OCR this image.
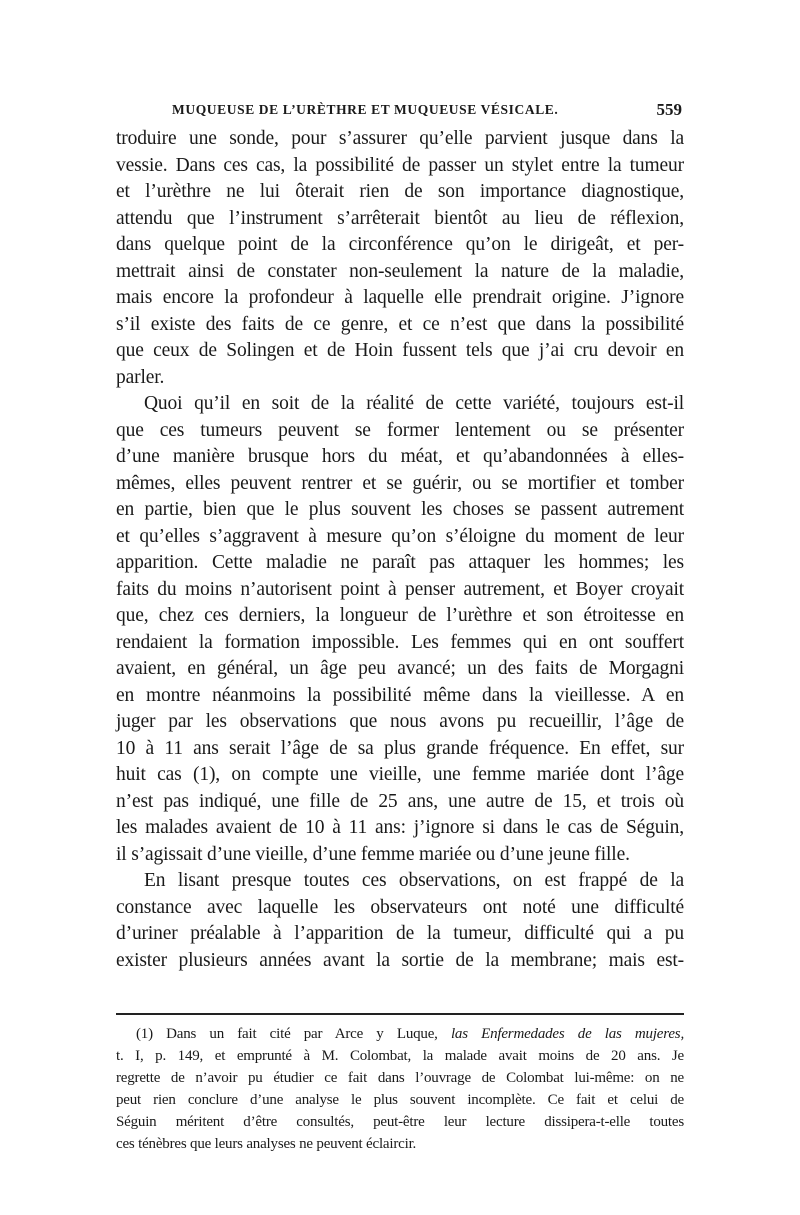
MUQUEUSE DE L’URÈTHRE ET MUQUEUSE VÉSICALE.	559
troduire une sonde, pour s’assurer qu’elle parvient jusque dans la
vessie. Dans ces cas, la possibilité de passer un stylet entre la tumeur
et l’urèthre ne lui ôterait rien de son importance diagnostique,
attendu que l’instrument s’arrêterait bientôt au lieu de réflexion,
dans quelque point de la circonférence qu’on le dirigeât, et per-
mettrait ainsi de constater non-seulement la nature de la maladie,
mais encore la profondeur à laquelle elle prendrait origine. J’ignore
s’il existe des faits de ce genre, et ce n’est que dans la possibilité
que ceux de Solingen et de Hoin fussent tels que j’ai cru devoir en
parler.
Quoi qu’il en soit de la réalité de cette variété, toujours est-il
que ces tumeurs peuvent se former lentement ou se présenter
d’une manière brusque hors du méat, et qu’abandonnées à elles-
mêmes, elles peuvent rentrer et se guérir, ou se mortifier et tomber
en partie, bien que le plus souvent les choses se passent autrement
et qu’elles s’aggravent à mesure qu’on s’éloigne du moment de leur
apparition. Cette maladie ne paraît pas attaquer les hommes; les
faits du moins n’autorisent point à penser autrement, et Boyer croyait
que, chez ces derniers, la longueur de l’urèthre et son étroitesse en
rendaient la formation impossible. Les femmes qui en ont souffert
avaient, en général, un âge peu avancé; un des faits de Morgagni
en montre néanmoins la possibilité même dans la vieillesse. A en
juger par les observations que nous avons pu recueillir, l’âge de
10 à 11 ans serait l’âge de sa plus grande fréquence. En effet, sur
huit cas (1), on compte une vieille, une femme mariée dont l’âge
n’est pas indiqué, une fille de 25 ans, une autre de 15, et trois où
les malades avaient de 10 à 11 ans: j’ignore si dans le cas de Séguin,
il s’agissait d’une vieille, d’une femme mariée ou d’une jeune fille.
En lisant presque toutes ces observations, on est frappé de la
constance avec laquelle les observateurs ont noté une difficulté
d’uriner préalable à l’apparition de la tumeur, difficulté qui a pu
exister plusieurs années avant la sortie de la membrane; mais est-
(1) Dans un fait cité par Arce y Luque, las Enfermedades de las mujeres,
t. I, p. 149, et emprunté à M. Colombat, la malade avait moins de 20 ans. Je
regrette de n’avoir pu étudier ce fait dans l’ouvrage de Colombat lui-même: on ne
peut rien conclure d’une analyse le plus souvent incomplète. Ce fait et celui de
Séguin méritent d’être consultés, peut-être leur lecture dissipera-t-elle toutes
ces ténèbres que leurs analyses ne peuvent éclaircir.
